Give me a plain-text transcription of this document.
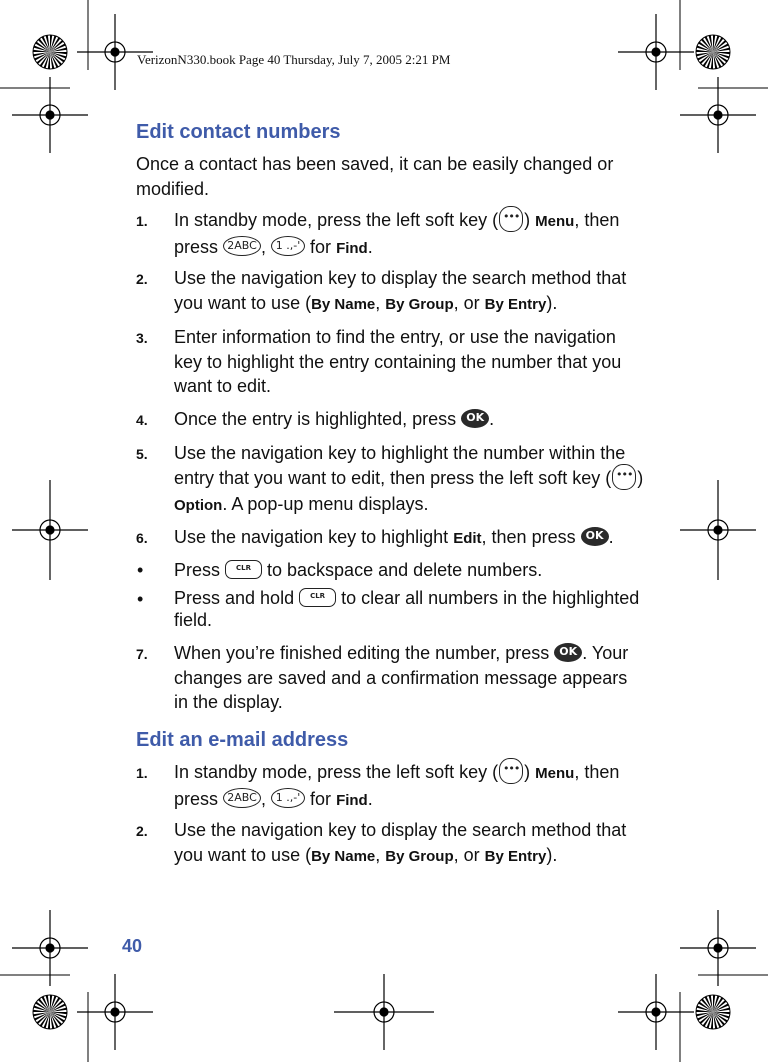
VerizonN330.book Page 40 Thursday, July 7, 2005 2:21 PM
Edit contact numbers

Once a contact has been saved, it can be easily changed or modified.

1.	In standby mode, press the left soft key ( ••• ) Menu, then press 2ABC , 1 .,-' for Find.
2.	Use the navigation key to display the search method that you want to use (By Name, By Group, or By Entry).
3.	Enter information to find the entry, or use the navigation key to highlight the entry containing the number that you want to edit.
4.	Once the entry is highlighted, press OK .
5.	Use the navigation key to highlight the number within the entry that you want to edit, then press the left soft key ( ••• ) Option. A pop-up menu displays.
6.	Use the navigation key to highlight Edit, then press OK .
• Press CLR to backspace and delete numbers.
• Press and hold CLR to clear all numbers in the highlighted field.
7.	When you’re finished editing the number, press OK . Your changes are saved and a confirmation message appears in the display.
Edit an e-mail address
1.	In standby mode, press the left soft key ( ••• ) Menu, then press 2ABC , 1 .,-' for Find.
2.	Use the navigation key to display the search method that you want to use (By Name, By Group, or By Entry).
40
